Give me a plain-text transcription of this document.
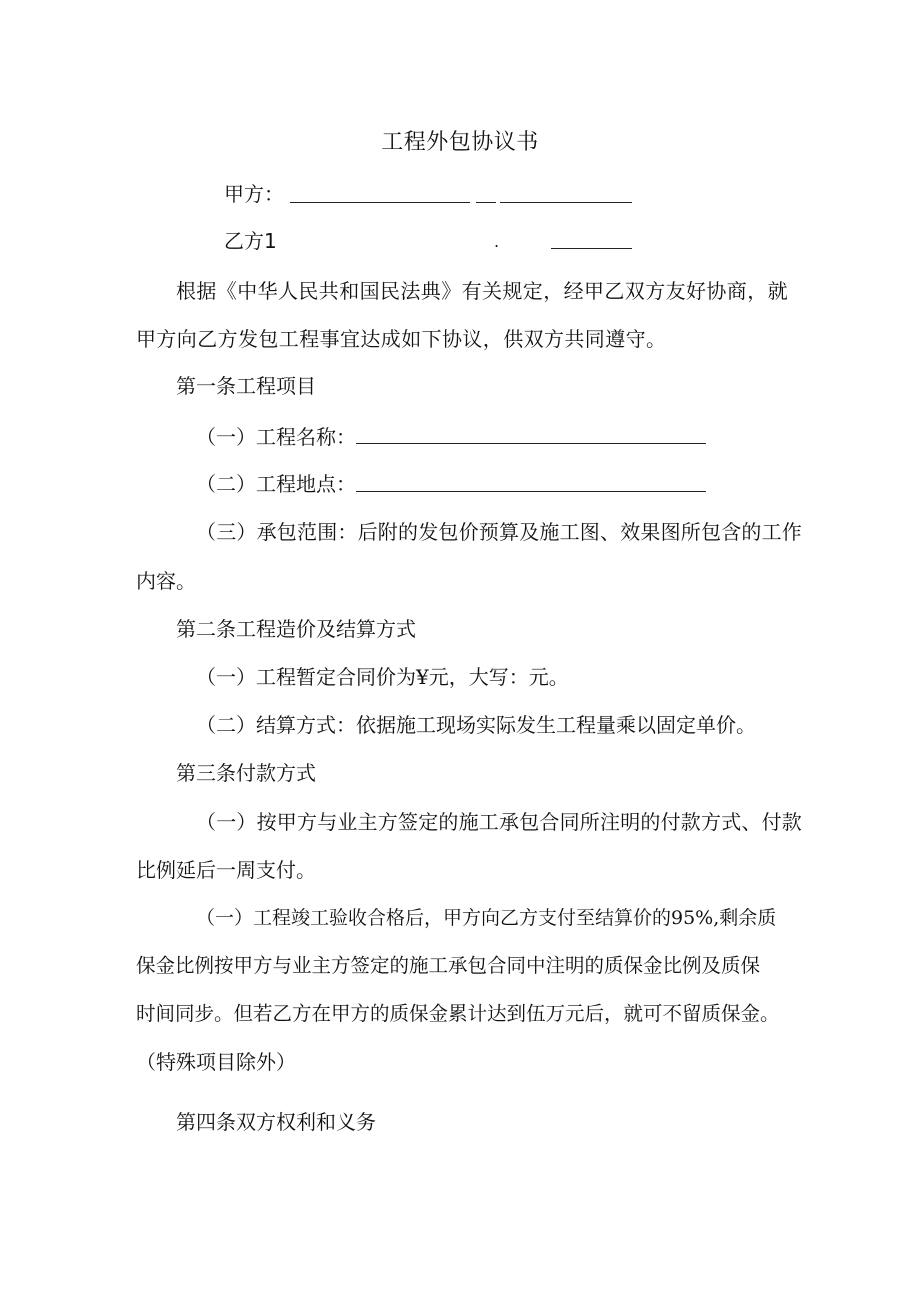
工程外包协议书
甲方：
乙方1	.
根据《中华人民共和国民法典》有关规定，经甲乙双方友好协商，就
甲方向乙方发包工程事宜达成如下协议，供双方共同遵守。
第一条工程项目
（一）工程名称：
（二）工程地点：
（三）承包范围：后附的发包价预算及施工图、效果图所包含的工作
内容。
第二条工程造价及结算方式
（一）工程暂定合同价为¥元，大写：元。
（二）结算方式：依据施工现场实际发生工程量乘以固定单价。
第三条付款方式
（一）按甲方与业主方签定的施工承包合同所注明的付款方式、付款
比例延后一周支付。
（一）工程竣工验收合格后，甲方向乙方支付至结算价的95%,剩余质
保金比例按甲方与业主方签定的施工承包合同中注明的质保金比例及质保
时间同步。但若乙方在甲方的质保金累计达到伍万元后，就可不留质保金。
（特殊项目除外）
第四条双方权利和义务
